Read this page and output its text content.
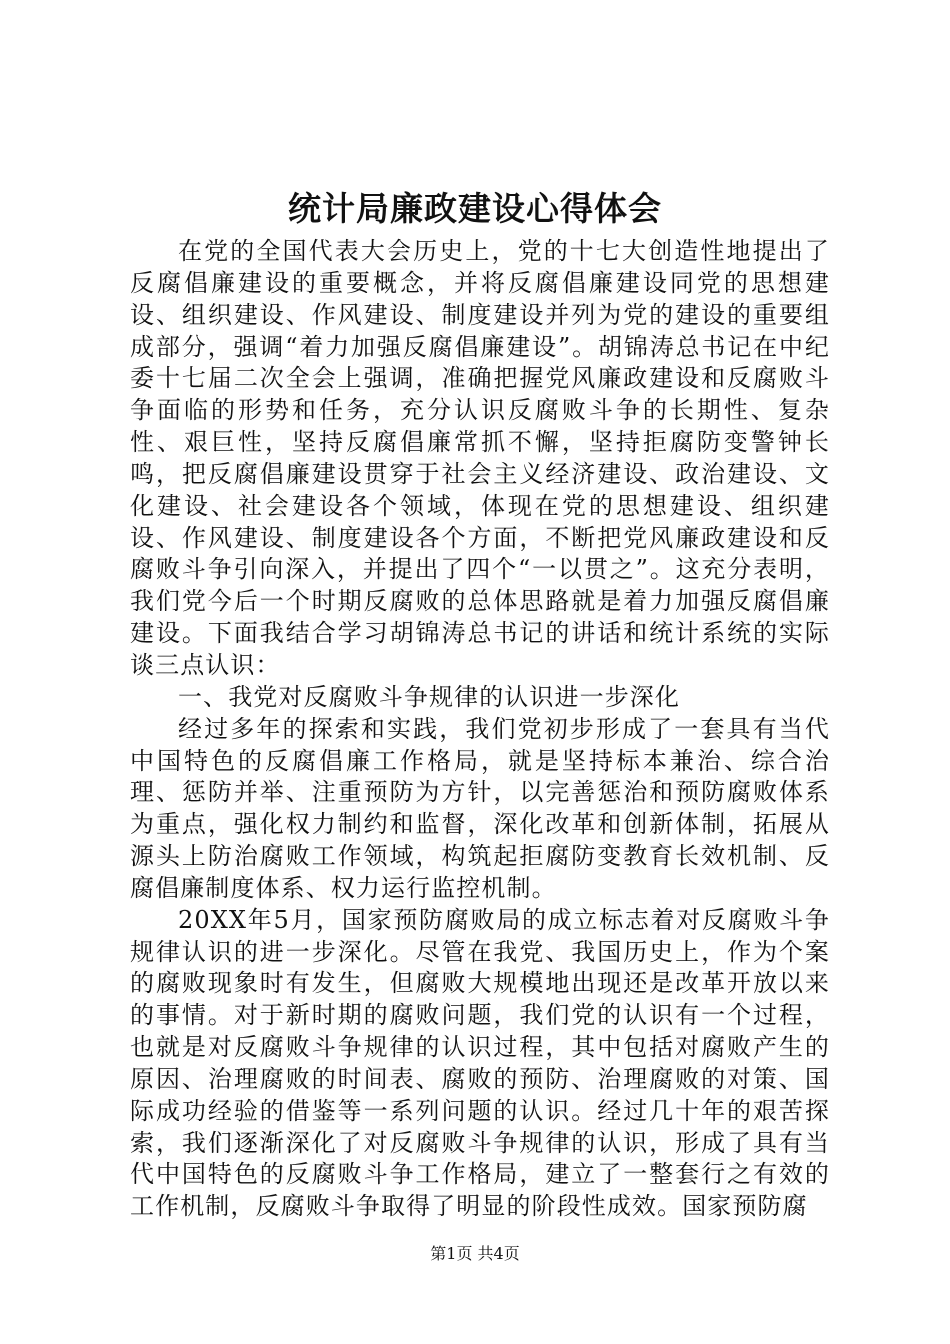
统计局廉政建设心得体会

在党的全国代表大会历史上，党的十七大创造性地提出了反腐倡廉建设的重要概念，并将反腐倡廉建设同党的思想建设、组织建设、作风建设、制度建设并列为党的建设的重要组成部分，强调“着力加强反腐倡廉建设”。胡锦涛总书记在中纪委十七届二次全会上强调，准确把握党风廉政建设和反腐败斗争面临的形势和任务，充分认识反腐败斗争的长期性、复杂性、艰巨性，坚持反腐倡廉常抓不懈，坚持拒腐防变警钟长鸣，把反腐倡廉建设贯穿于社会主义经济建设、政治建设、文化建设、社会建设各个领域，体现在党的思想建设、组织建设、作风建设、制度建设各个方面，不断把党风廉政建设和反腐败斗争引向深入，并提出了四个“一以贯之”。这充分表明，我们党今后一个时期反腐败的总体思路就是着力加强反腐倡廉建设。下面我结合学习胡锦涛总书记的讲话和统计系统的实际谈三点认识：

一、我党对反腐败斗争规律的认识进一步深化

经过多年的探索和实践，我们党初步形成了一套具有当代中国特色的反腐倡廉工作格局，就是坚持标本兼治、综合治理、惩防并举、注重预防为方针，以完善惩治和预防腐败体系为重点，强化权力制约和监督，深化改革和创新体制，拓展从源头上防治腐败工作领域，构筑起拒腐防变教育长效机制、反腐倡廉制度体系、权力运行监控机制。

20XX年5月，国家预防腐败局的成立标志着对反腐败斗争规律认识的进一步深化。尽管在我党、我国历史上，作为个案的腐败现象时有发生，但腐败大规模地出现还是改革开放以来的事情。对于新时期的腐败问题，我们党的认识有一个过程，也就是对反腐败斗争规律的认识过程，其中包括对腐败产生的原因、治理腐败的时间表、腐败的预防、治理腐败的对策、国际成功经验的借鉴等一系列问题的认识。经过几十年的艰苦探索，我们逐渐深化了对反腐败斗争规律的认识，形成了具有当代中国特色的反腐败斗争工作格局，建立了一整套行之有效的工作机制，反腐败斗争取得了明显的阶段性成效。国家预防腐

第1页 共4页
